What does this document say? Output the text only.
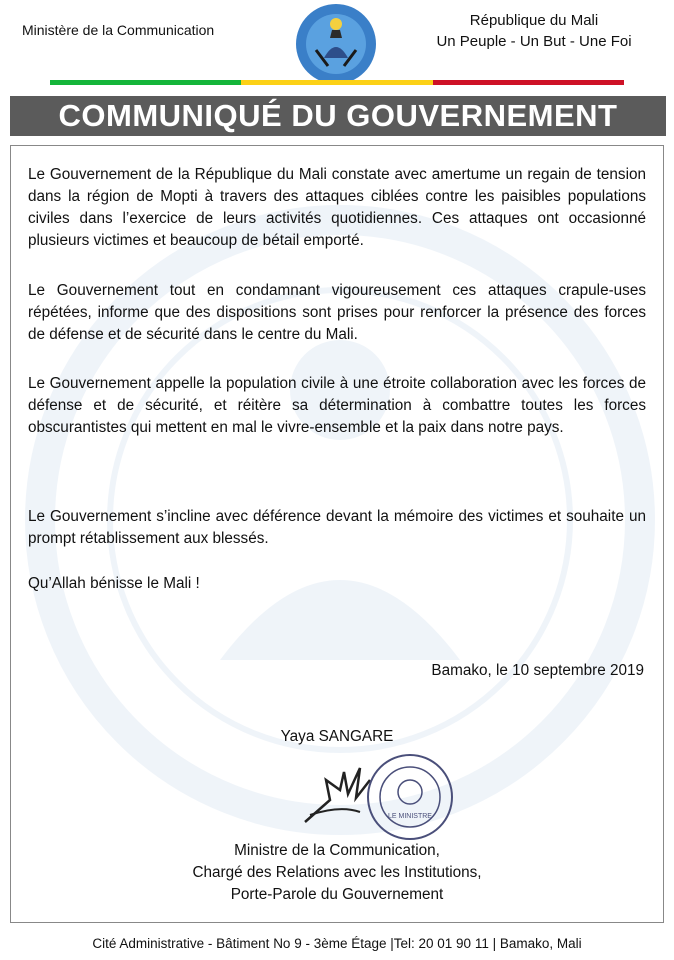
Ministère de la Communication
République du Mali
Un Peuple - Un But - Une Foi
COMMUNIQUÉ DU GOUVERNEMENT
Le Gouvernement de la République du Mali constate avec amertume un regain de tension dans la région de Mopti à travers des attaques ciblées contre les paisibles populations civiles dans l’exercice de leurs activités quotidiennes. Ces attaques ont occasionné plusieurs victimes et beaucoup de bétail emporté.
Le Gouvernement tout en condamnant vigoureusement ces attaques crapule-uses répétées, informe que des dispositions sont prises pour renforcer la présence des forces de défense et de sécurité dans le centre du Mali.
Le Gouvernement appelle la population civile à une étroite collaboration avec les forces de défense et de sécurité, et réitère sa détermination à combattre toutes les forces obscurantistes qui mettent en mal le vivre-ensemble et la paix dans notre pays.
Le Gouvernement s’incline avec déférence devant la mémoire des victimes et souhaite un prompt rétablissement aux blessés.
Qu’Allah bénisse le Mali !
Bamako, le 10 septembre 2019
Yaya SANGARE
LE MINISTRE
Ministre de la Communication,
Chargé des Relations avec les Institutions,
Porte-Parole du Gouvernement
Cité Administrative - Bâtiment No 9 - 3ème Étage |Tel: 20 01 90 11 | Bamako, Mali
